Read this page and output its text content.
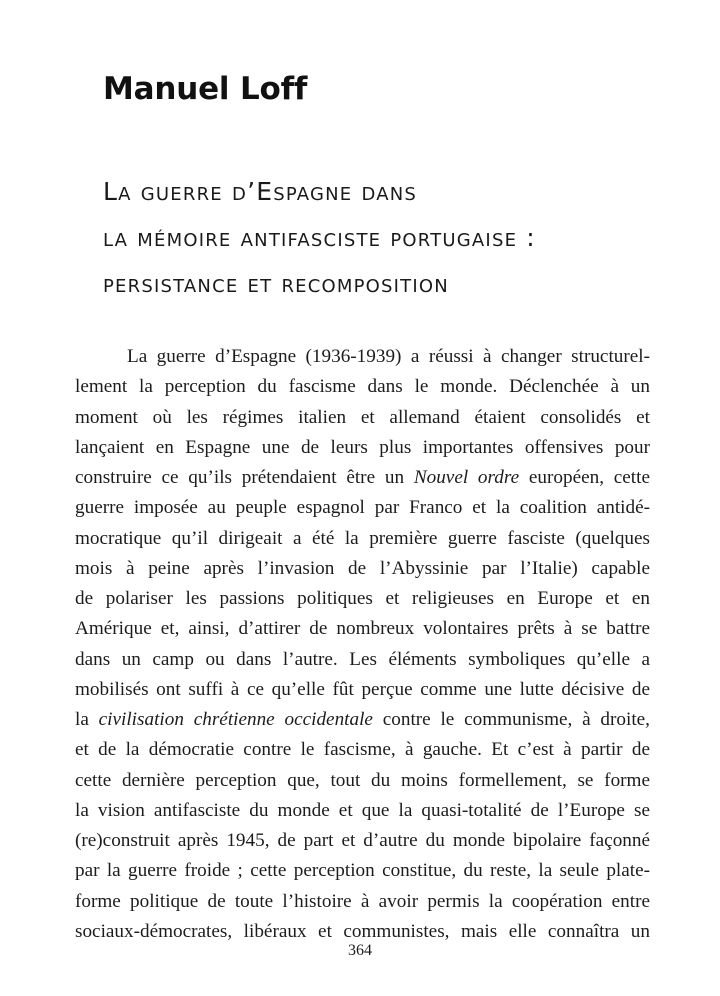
Manuel Loff
La guerre d’Espagne dans
la mémoire antifasciste portugaise :
persistance et recomposition
La guerre d’Espagne (1936-1939) a réussi à changer structurel-
lement la perception du fascisme dans le monde. Déclenchée à un
moment où les régimes italien et allemand étaient consolidés et
lançaient en Espagne une de leurs plus importantes offensives pour
construire ce qu’ils prétendaient être un Nouvel ordre européen, cette
guerre imposée au peuple espagnol par Franco et la coalition antidé-
mocratique qu’il dirigeait a été la première guerre fasciste (quelques
mois à peine après l’invasion de l’Abyssinie par l’Italie) capable
de polariser les passions politiques et religieuses en Europe et en
Amérique et, ainsi, d’attirer de nombreux volontaires prêts à se battre
dans un camp ou dans l’autre. Les éléments symboliques qu’elle a
mobilisés ont suffi à ce qu’elle fût perçue comme une lutte décisive de
la civilisation chrétienne occidentale contre le communisme, à droite,
et de la démocratie contre le fascisme, à gauche. Et c’est à partir de
cette dernière perception que, tout du moins formellement, se forme
la vision antifasciste du monde et que la quasi-totalité de l’Europe se
(re)construit après 1945, de part et d’autre du monde bipolaire façonné
par la guerre froide ; cette perception constitue, du reste, la seule plate-
forme politique de toute l’histoire à avoir permis la coopération entre
sociaux-démocrates, libéraux et communistes, mais elle connaîtra un
364
